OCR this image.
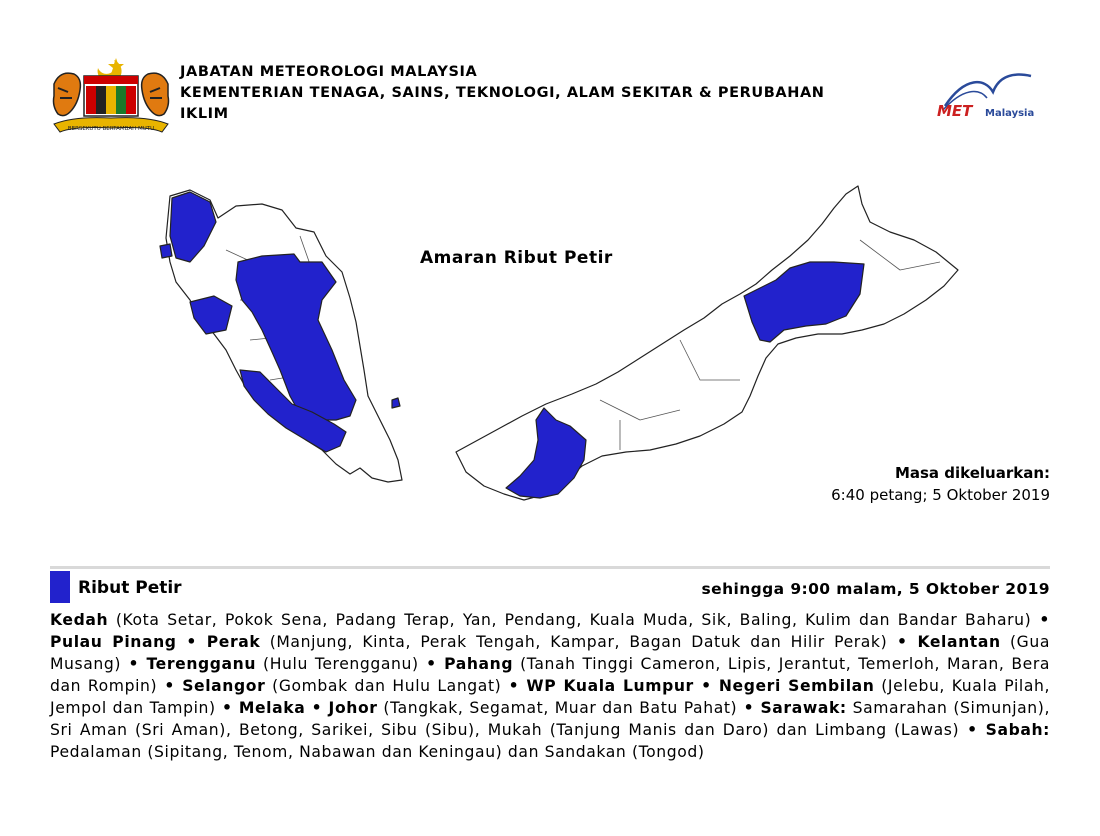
BERSEKUTU BERTAMBAH MUTU
JABATAN METEOROLOGI MALAYSIA
KEMENTERIAN TENAGA, SAINS, TEKNOLOGI, ALAM SEKITAR & PERUBAHAN
IKLIM	MET Malaysia
Amaran Ribut Petir
Masa dikeluarkan:
6:40 petang; 5 Oktober 2019
Ribut Petir	sehingga 9:00 malam, 5 Oktober 2019
Kedah (Kota Setar, Pokok Sena, Padang Terap, Yan, Pendang, Kuala Muda, Sik, Baling, Kulim dan Bandar Baharu) • Pulau Pinang • Perak (Manjung, Kinta, Perak Tengah, Kampar, Bagan Datuk dan Hilir Perak) • Kelantan (Gua Musang) • Terengganu (Hulu Terengganu) • Pahang (Tanah Tinggi Cameron, Lipis, Jerantut, Temerloh, Maran, Bera dan Rompin) • Selangor (Gombak dan Hulu Langat) • WP Kuala Lumpur • Negeri Sembilan (Jelebu, Kuala Pilah, Jempol dan Tampin) • Melaka • Johor (Tangkak, Segamat, Muar dan Batu Pahat) • Sarawak: Samarahan (Simunjan), Sri Aman (Sri Aman), Betong, Sarikei, Sibu (Sibu), Mukah (Tanjung Manis dan Daro) dan Limbang (Lawas) • Sabah: Pedalaman (Sipitang, Tenom, Nabawan dan Keningau) dan Sandakan (Tongod)
